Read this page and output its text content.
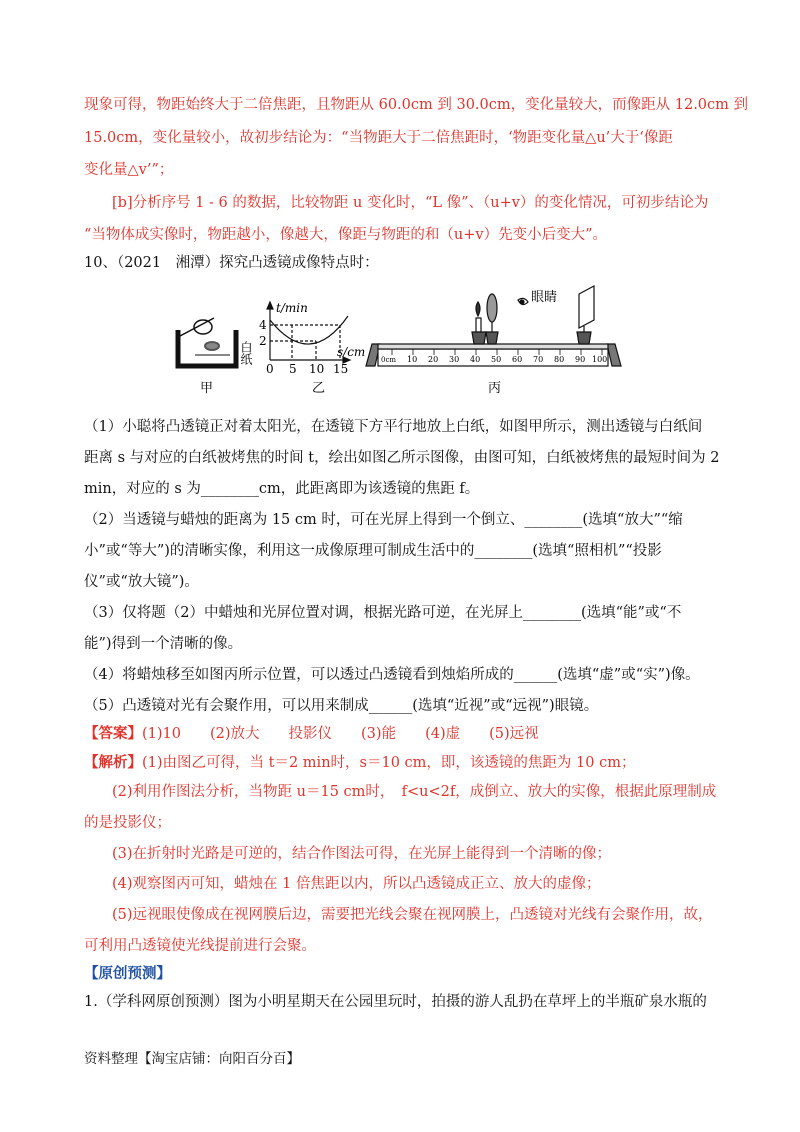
现象可得，物距始终大于二倍焦距，且物距从 60.0cm 到 30.0cm，变化量较大，而像距从 12.0cm 到
15.0cm，变化量较小，故初步结论为：“当物距大于二倍焦距时，‘物距变化量△u’大于‘像距
变化量△v’”；
[b]分析序号 1 - 6 的数据，比较物距 u 变化时，“L 像”、（u+v）的变化情况，可初步结论为
“当物体成实像时，物距越小，像越大，像距与物距的和（u+v）先变小后变大”。
10、（2021　湘潭）探究凸透镜成像特点时：
白纸
t/min
s/cm
4
2
0 5 10 15
0cm 10 20 30 40 50 60 70 80 90 100
眼睛
甲	乙	丙
（1）小聪将凸透镜正对着太阳光，在透镜下方平行地放上白纸，如图甲所示，测出透镜与白纸间
距离 s 与对应的白纸被烤焦的时间 t，绘出如图乙所示图像，由图可知，白纸被烤焦的最短时间为 2
min，对应的 s 为________cm，此距离即为该透镜的焦距 f。
（2）当透镜与蜡烛的距离为 15 cm 时，可在光屏上得到一个倒立、________(选填“放大”“缩
小”或“等大”)的清晰实像，利用这一成像原理可制成生活中的________(选填“照相机”“投影
仪”或“放大镜”)。
（3）仅将题（2）中蜡烛和光屏位置对调，根据光路可逆，在光屏上________(选填“能”或“不
能”)得到一个清晰的像。
（4）将蜡烛移至如图丙所示位置，可以透过凸透镜看到烛焰所成的______(选填“虚”或“实”)像。
（5）凸透镜对光有会聚作用，可以用来制成______(选填“近视”或“远视”)眼镜。
【答案】(1)10　　(2)放大　　投影仪　　(3)能　　(4)虚　　(5)远视
【解析】(1)由图乙可得，当 t＝2 min时，s＝10 cm，即，该透镜的焦距为 10 cm；
(2)利用作图法分析，当物距 u＝15 cm时，　f<u<2f，成倒立、放大的实像，根据此原理制成
的是投影仪；
(3)在折射时光路是可逆的，结合作图法可得，在光屏上能得到一个清晰的像；
(4)观察图丙可知，蜡烛在 1 倍焦距以内，所以凸透镜成正立、放大的虚像；
(5)远视眼使像成在视网膜后边，需要把光线会聚在视网膜上，凸透镜对光线有会聚作用，故，
可利用凸透镜使光线提前进行会聚。
【原创预测】
1.（学科网原创预测）图为小明星期天在公园里玩时，拍摄的游人乱扔在草坪上的半瓶矿泉水瓶的
资料整理【淘宝店铺：向阳百分百】
